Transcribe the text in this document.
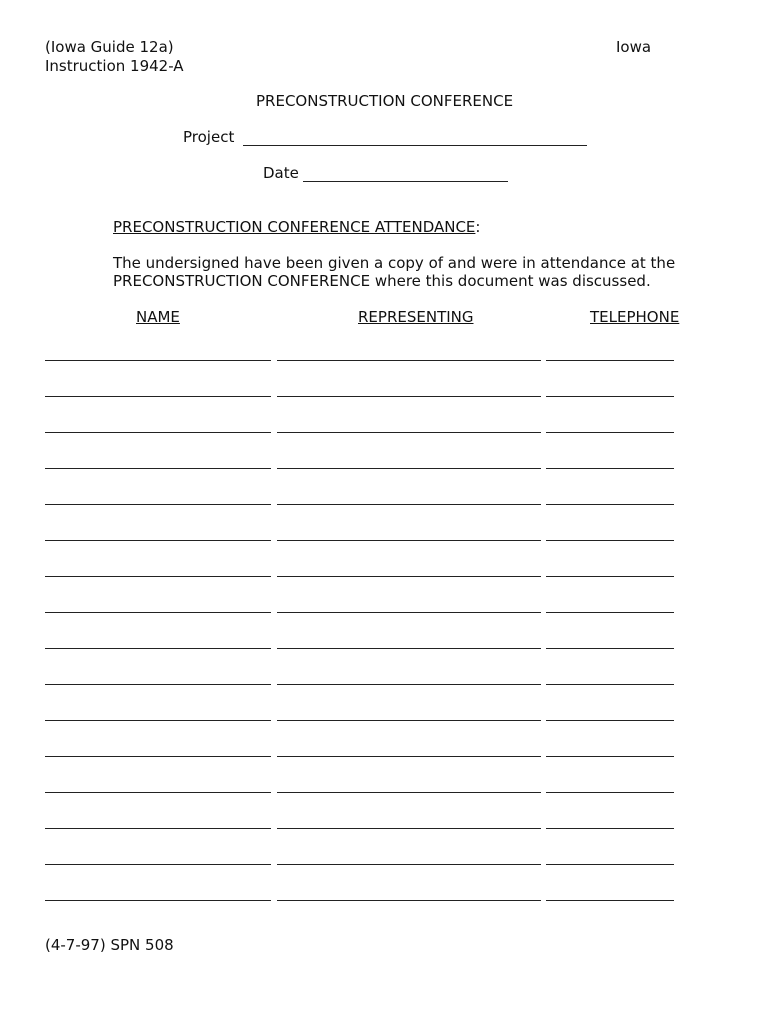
(Iowa Guide 12a)
Instruction 1942-A
Iowa
PRECONSTRUCTION CONFERENCE
Project
Date
PRECONSTRUCTION CONFERENCE ATTENDANCE:
The undersigned have been given a copy of and were in attendance at the
PRECONSTRUCTION CONFERENCE where this document was discussed.
NAME	REPRESENTING	TELEPHONE
(4-7-97) SPN 508
